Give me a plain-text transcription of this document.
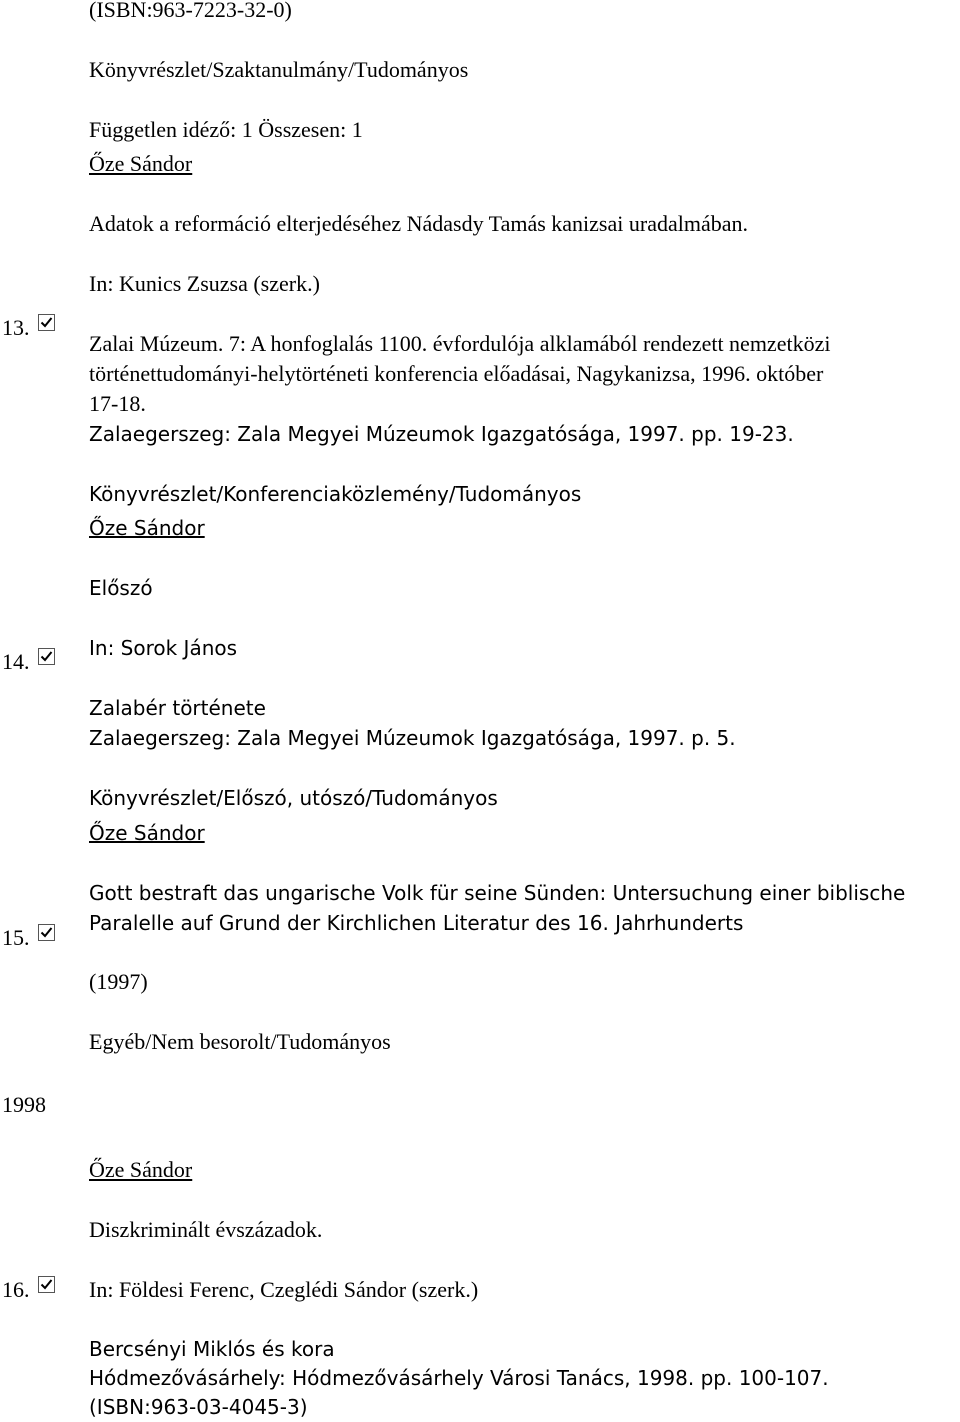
(ISBN:963-7223-32-0)

Könyvrészlet/Szaktanulmány/Tudományos

Független idéző: 1 Összesen: 1

Őze Sándor

Adatok a reformáció elterjedéséhez Nádasdy Tamás kanizsai uradalmában.

In: Kunics Zsuzsa (szerk.)

13.

Zalai Múzeum. 7: A honfoglalás 1100. évfordulója alklamából rendezett nemzetközi

történettudományi-helytörténeti konferencia előadásai, Nagykanizsa, 1996. október

17-18.

Zalaegerszeg: Zala Megyei Múzeumok Igazgatósága, 1997. pp. 19-23.

Könyvrészlet/Konferenciaközlemény/Tudományos

Őze Sándor

Előszó

14.

In: Sorok János

Zalabér története

Zalaegerszeg: Zala Megyei Múzeumok Igazgatósága, 1997. p. 5.

Könyvrészlet/Előszó, utószó/Tudományos

Őze Sándor

Gott bestraft das ungarische Volk für seine Sünden: Untersuchung einer biblische

Paralelle auf Grund der Kirchlichen Literatur des 16. Jahrhunderts

15.

(1997)

Egyéb/Nem besorolt/Tudományos

1998

Őze Sándor

Diszkriminált évszázadok.

16.	In: Földesi Ferenc, Czeglédi Sándor (szerk.)

Bercsényi Miklós és kora

Hódmezővásárhely: Hódmezővásárhely Városi Tanács, 1998. pp. 100-107.

(ISBN:963-03-4045-3)
